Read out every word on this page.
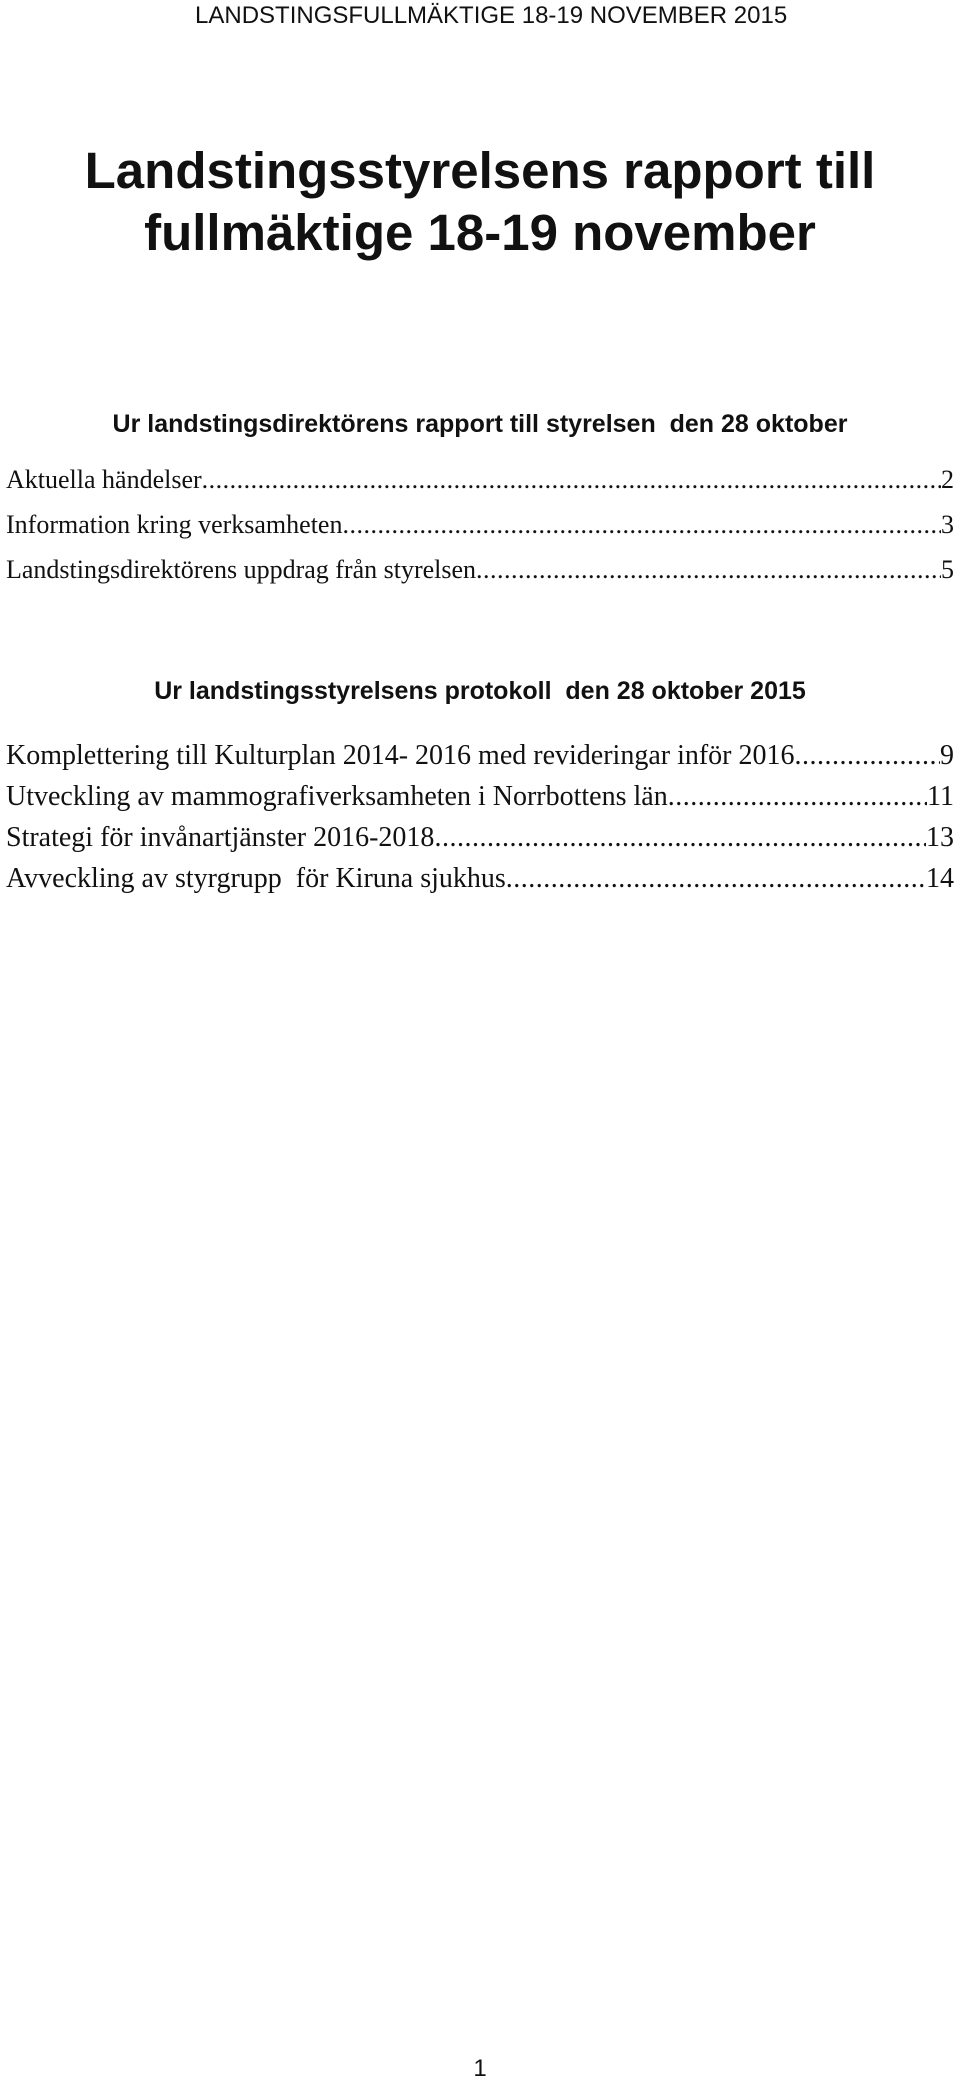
LANDSTINGSFULLMÄKTIGE 18-19 NOVEMBER 2015
Landstingsstyrelsens rapport till
fullmäktige 18-19 november
Ur landstingsdirektörens rapport till styrelsen  den 28 oktober
Aktuella händelser .....	2
Information kring verksamheten .....	3
Landstingsdirektörens uppdrag från styrelsen .....	5
Ur landstingsstyrelsens protokoll  den 28 oktober 2015
Komplettering till Kulturplan 2014- 2016 med revideringar inför 2016 .....	9
Utveckling av mammografiverksamheten i Norrbottens län .....	11
Strategi för invånartjänster 2016-2018 .....	13
Avveckling av styrgrupp  för Kiruna sjukhus .....	14
1
